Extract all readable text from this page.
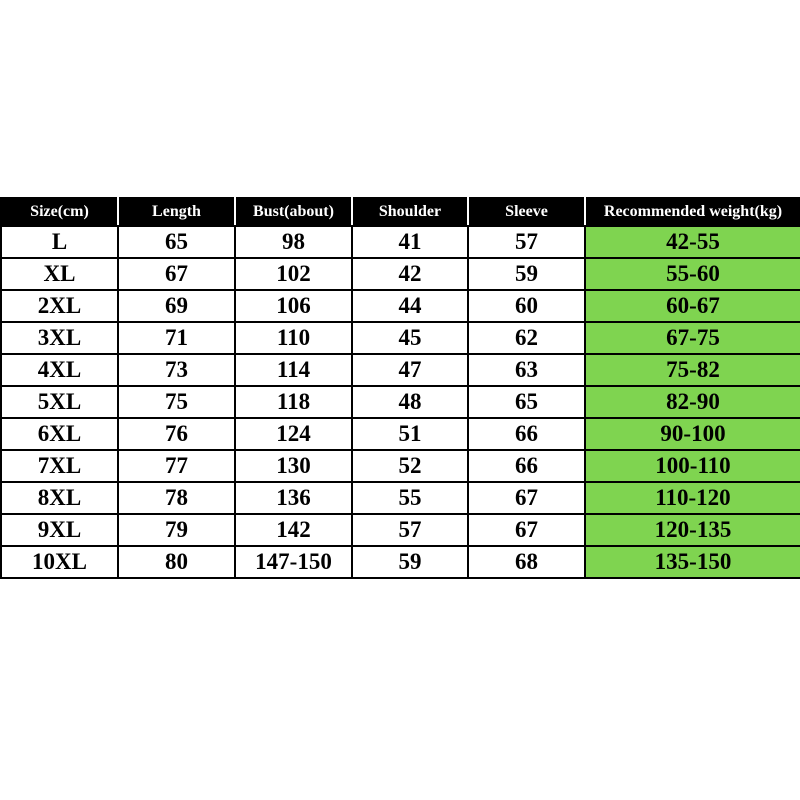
Size(cm)	Length	Bust(about)	Shoulder	Sleeve	Recommended weight(kg)
L	65	98	41	57	42-55
XL	67	102	42	59	55-60
2XL	69	106	44	60	60-67
3XL	71	110	45	62	67-75
4XL	73	114	47	63	75-82
5XL	75	118	48	65	82-90
6XL	76	124	51	66	90-100
7XL	77	130	52	66	100-110
8XL	78	136	55	67	110-120
9XL	79	142	57	67	120-135
10XL	80	147-150	59	68	135-150
